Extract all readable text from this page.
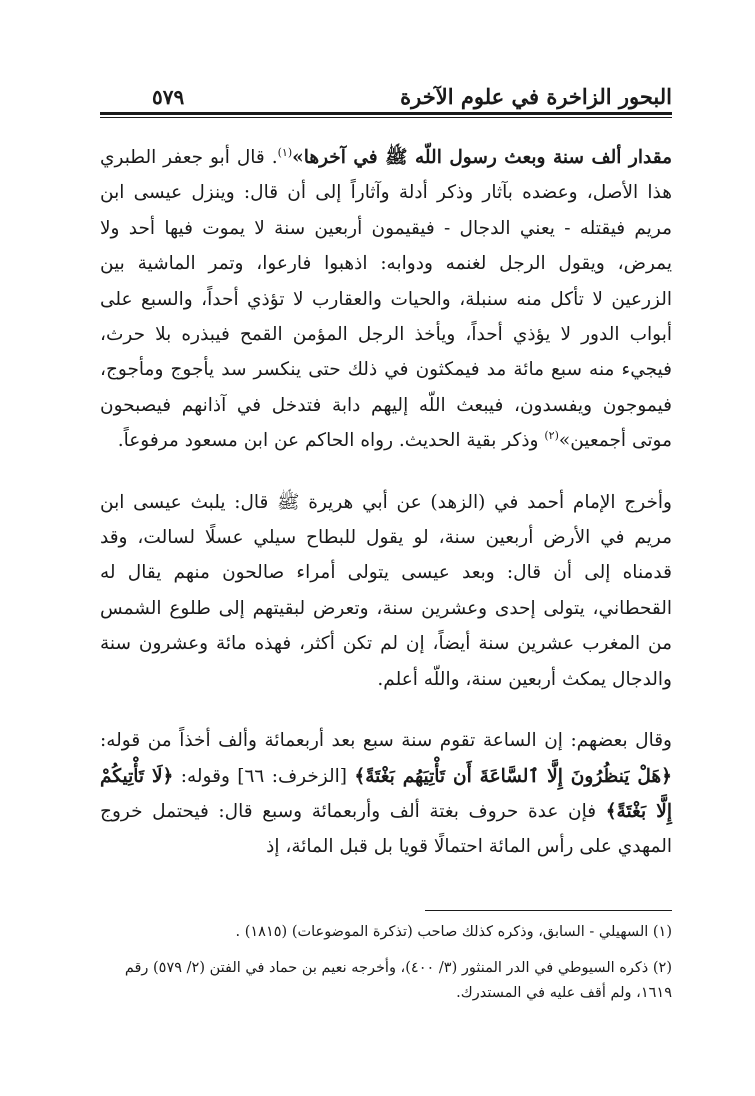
البحور الزاخرة في علوم الآخرة
٥٧٩

مقدار ألف سنة وبعث رسول اللّه ﷺ في آخرها»$^{(١)}$. قال أبو جعفر الطبري هذا الأصل، وعضده بآثار وذكر أدلة وآثاراً إلى أن قال: وينزل عيسى ابن مريم فيقتله - يعني الدجال - فيقيمون أربعين سنة لا يموت فيها أحد ولا يمرض، ويقول الرجل لغنمه ودوابه: اذهبوا فارعوا، وتمر الماشية بين الزرعين لا تأكل منه سنبلة، والحيات والعقارب لا تؤذي أحداً، والسبع على أبواب الدور لا يؤذي أحداً، ويأخذ الرجل المؤمن القمح فيبذره بلا حرث، فيجيء منه سبع مائة مد فيمكثون في ذلك حتى ينكسر سد يأجوج ومأجوج، فيموجون ويفسدون، فيبعث اللّه إليهم دابة فتدخل في آذانهم فيصبحون موتى أجمعين»$^{(٢)}$ وذكر بقية الحديث. رواه الحاكم عن ابن مسعود مرفوعاً.

وأخرج الإمام أحمد في (الزهد) عن أبي هريرة ﷺ قال: يلبث عيسى ابن مريم في الأرض أربعين سنة، لو يقول للبطاح سيلي عسلًا لسالت، وقد قدمناه إلى أن قال: وبعد عيسى يتولى أمراء صالحون منهم يقال له القحطاني، يتولى إحدى وعشرين سنة، وتعرض لبقيتهم إلى طلوع الشمس من المغرب عشرين سنة أيضاً، إن لم تكن أكثر، فهذه مائة وعشرون سنة والدجال يمكث أربعين سنة، واللّه أعلم.

وقال بعضهم: إن الساعة تقوم سنة سبع بعد أربعمائة وألف أخذاً من قوله: ﴿هَلْ يَنظُرُونَ إِلَّا ٱلسَّاعَةَ أَن تَأْتِيَهُم بَغْتَةً﴾ [الزخرف: ٦٦] وقوله: ﴿لَا تَأْتِيكُمْ إِلَّا بَغْتَةً﴾ فإن عدة حروف بغتة ألف وأربعمائة وسبع قال: فيحتمل خروج المهدي على رأس المائة احتمالًا قويا بل قبل المائة، إذ

(١) السهيلي - السابق، وذكره كذلك صاحب (تذكرة الموضوعات) (١٨١٥) .

(٢) ذكره السيوطي في الدر المنثور (٣/ ٤٠٠)، وأخرجه نعيم بن حماد في الفتن (٢/ ٥٧٩) رقم ١٦١٩، ولم أقف عليه في المستدرك.
